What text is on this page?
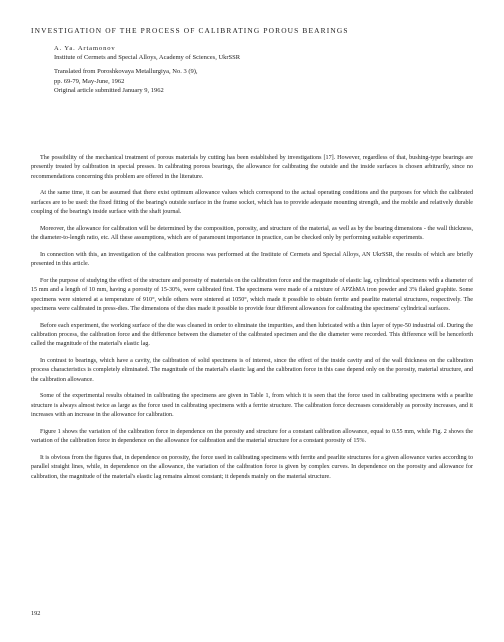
INVESTIGATION OF THE PROCESS OF CALIBRATING POROUS BEARINGS
A. Ya. Artamonov
Institute of Cermets and Special Alloys, Academy of Sciences, UkrSSR
Translated from Poroshkovaya Metallurgiya, No. 3 (9),
pp. 69-79, May-June, 1962
Original article submitted January 9, 1962

The possibility of the mechanical treatment of porous materials by cutting has been established by investigations [17]. However, regardless of that, bushing-type bearings are presently treated by calibration in special presses. In calibrating porous bearings, the allowance for calibrating the outside and the inside surfaces is chosen arbitrarily, since no recommendations concerning this problem are offered in the literature.

At the same time, it can be assumed that there exist optimum allowance values which correspond to the actual operating conditions and the purposes for which the calibrated surfaces are to be used: the fixed fitting of the bearing's outside surface in the frame socket, which has to provide adequate mounting strength, and the mobile and relatively durable coupling of the bearing's inside surface with the shaft journal.

Moreover, the allowance for calibration will be determined by the composition, porosity, and structure of the material, as well as by the bearing dimensions - the wall thickness, the diameter-to-length ratio, etc. All these assumptions, which are of paramount importance in practice, can be checked only by performing suitable experiments.

In connection with this, an investigation of the calibration process was performed at the Institute of Cermets and Special Alloys, AN UkrSSR, the results of which are briefly presented in this article.

For the purpose of studying the effect of the structure and porosity of materials on the calibration force and the magnitude of elastic lag, cylindrical specimens with a diameter of 15 mm and a length of 10 mm, having a porosity of 15-30%, were calibrated first. The specimens were made of a mixture of APZhMA iron powder and 3% flaked graphite. Some specimens were sintered at a temperature of 910°, while others were sintered at 1050°, which made it possible to obtain ferrite and pearlite material structures, respectively. The specimens were calibrated in press-dies. The dimensions of the dies made it possible to provide four different allowances for calibrating the specimens' cylindrical surfaces.

Before each experiment, the working surface of the die was cleaned in order to eliminate the impurities, and then lubricated with a thin layer of type-50 industrial oil. During the calibration process, the calibration force and the difference between the diameter of the calibrated specimen and the die diameter were recorded. This difference will be henceforth called the magnitude of the material's elastic lag.

In contrast to bearings, which have a cavity, the calibration of solid specimens is of interest, since the effect of the inside cavity and of the wall thickness on the calibration process characteristics is completely eliminated. The magnitude of the material's elastic lag and the calibration force in this case depend only on the porosity, material structure, and the calibration allowance.

Some of the experimental results obtained in calibrating the specimens are given in Table 1, from which it is seen that the force used in calibrating specimens with a pearlite structure is always almost twice as large as the force used in calibrating specimens with a ferrite structure. The calibration force decreases considerably as porosity increases, and it increases with an increase in the allowance for calibration.

Figure 1 shows the variation of the calibration force in dependence on the porosity and structure for a constant calibration allowance, equal to 0.55 mm, while Fig. 2 shows the variation of the calibration force in dependence on the allowance for calibration and the material structure for a constant porosity of 15%.

It is obvious from the figures that, in dependence on porosity, the force used in calibrating specimens with ferrite and pearlite structures for a given allowance varies according to parallel straight lines, while, in dependence on the allowance, the variation of the calibration force is given by complex curves. In dependence on the porosity and allowance for calibration, the magnitude of the material's elastic lag remains almost constant; it depends mainly on the material structure.

192
